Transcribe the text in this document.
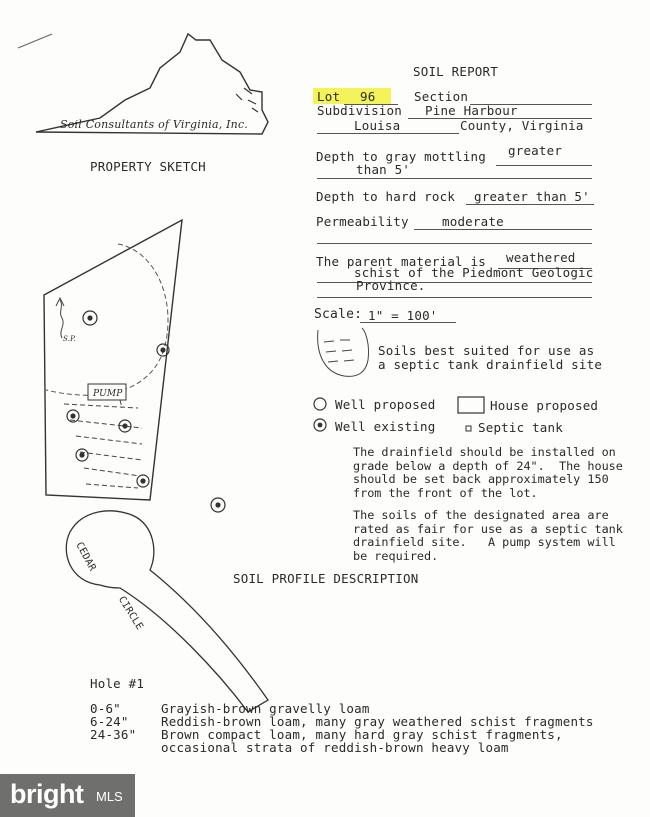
Soil Consultants of Virginia, Inc.
SOIL REPORT
PROPERTY SKETCH
Lot 96	Section
Subdivision Pine Harbour
Louisa	County, Virginia
Depth to gray mottling greater
than 5'
Depth to hard rock greater than 5'
Permeability	moderate
The parent material is weathered
schist of the Piedmont Geologic
Province.
Scale: 1" = 100'
Soils best suited for use as
a septic tank drainfield site
Well proposed	House proposed
Well existing	Septic tank
The drainfield should be installed on
grade below a depth of 24".  The house
should be set back approximately 150
from the front of the lot.
The soils of the designated area are
rated as fair for use as a septic tank
drainfield site.   A pump system will
be required.
PUMP
S.P.
CEDAR
CIRCLE
SOIL PROFILE DESCRIPTION
Hole #1
0-6"	Grayish-brown gravelly loam
6-24"	Reddish-brown loam, many gray weathered schist fragments
24-36" Brown compact loam, many hard gray schist fragments,
occasional strata of reddish-brown heavy loam
bright MLS
